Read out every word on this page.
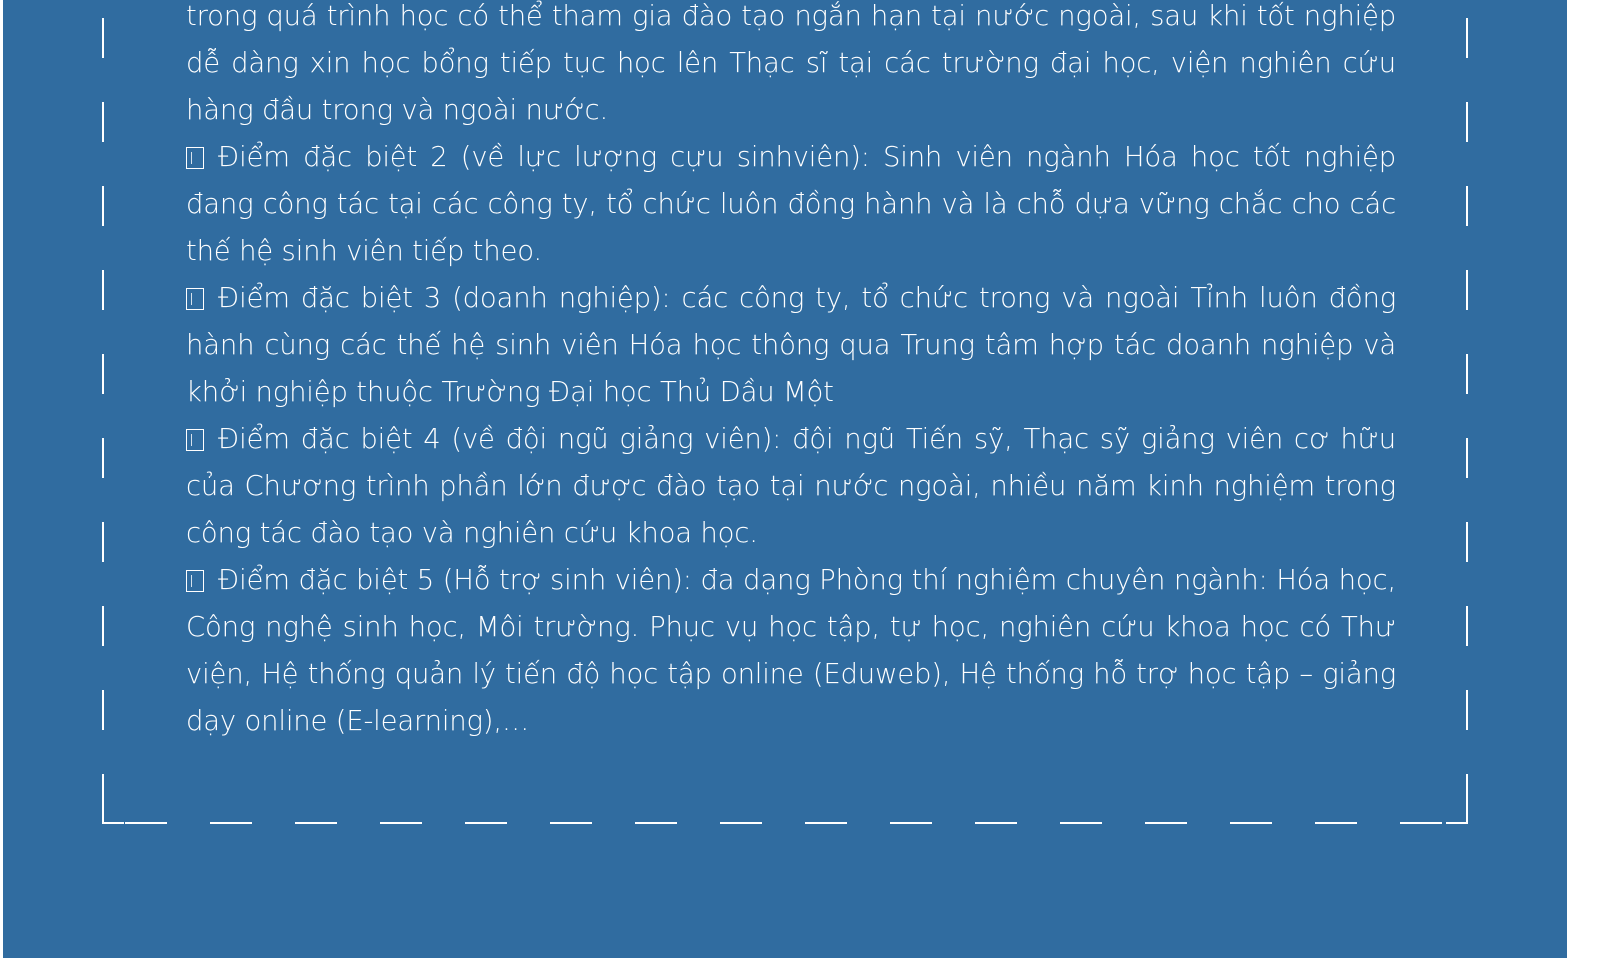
trong quá trình học có thể tham gia đào tạo ngắn hạn tại nước ngoài, sau khi tốt nghiệp dễ dàng xin học bổng tiếp tục học lên Thạc sĩ tại các trường đại học, viện nghiên cứu hàng đầu trong và ngoài nước.

Điểm đặc biệt 2 (về lực lượng cựu sinhviên): Sinh viên ngành Hóa học tốt nghiệp đang công tác tại các công ty, tổ chức luôn đồng hành và là chỗ dựa vững chắc cho các thế hệ sinh viên tiếp theo.

Điểm đặc biệt 3 (doanh nghiệp): các công ty, tổ chức trong và ngoài Tỉnh luôn đồng hành cùng các thế hệ sinh viên Hóa học thông qua Trung tâm hợp tác doanh nghiệp và khởi nghiệp thuộc Trường Đại học Thủ Dầu Một

Điểm đặc biệt 4 (về đội ngũ giảng viên): đội ngũ Tiến sỹ, Thạc sỹ giảng viên cơ hữu của Chương trình phần lớn được đào tạo tại nước ngoài, nhiều năm kinh nghiệm trong công tác đào tạo và nghiên cứu khoa học.

Điểm đặc biệt 5 (Hỗ trợ sinh viên): đa dạng Phòng thí nghiệm chuyên ngành: Hóa học, Công nghệ sinh học, Môi trường. Phục vụ học tập, tự học, nghiên cứu khoa học có Thư viện, Hệ thống quản lý tiến độ học tập online (Eduweb), Hệ thống hỗ trợ học tập – giảng dạy online (E-learning),…
